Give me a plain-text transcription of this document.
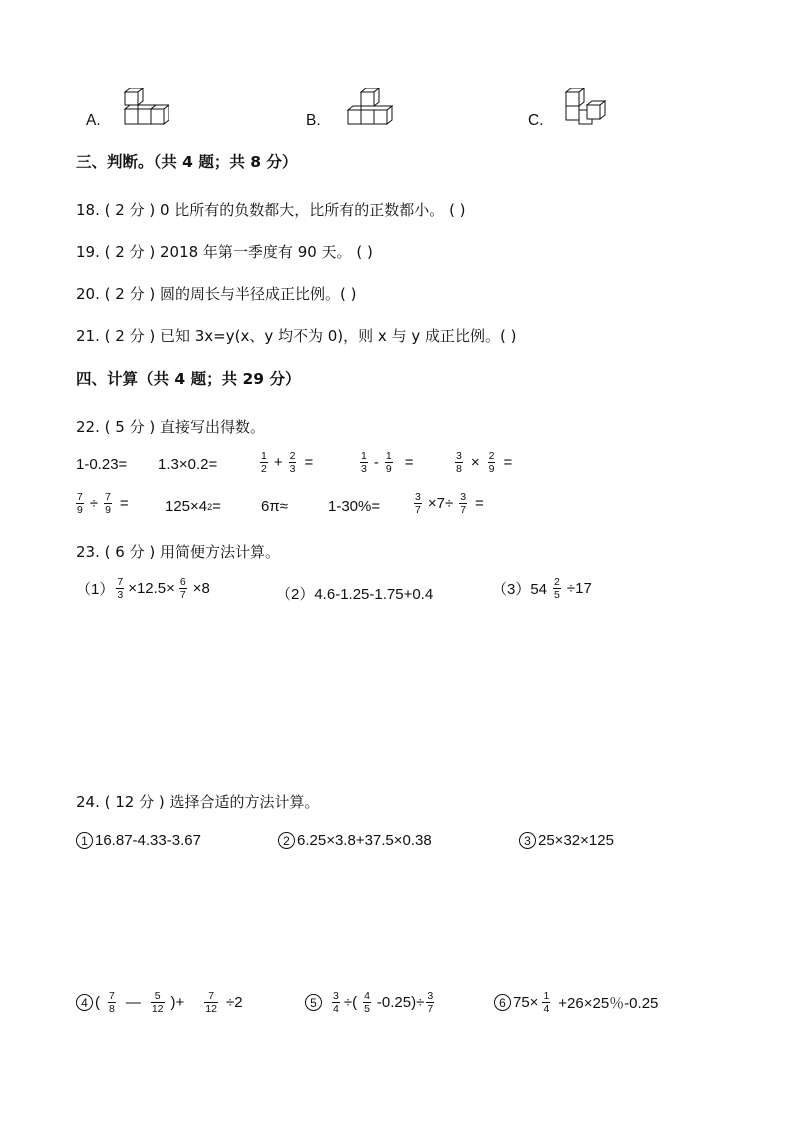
A.	B.	C.
三、判断。（共 4 题；共 8 分）
18. ( 2 分 ) 0 比所有的负数都大，比所有的正数都小。 ( )
19. ( 2 分 ) 2018 年第一季度有 90 天。 ( )
20. ( 2 分 ) 圆的周长与半径成正比例。( )
21. ( 2 分 ) 已知 3x=y(x、y 均不为 0)，则 x 与 y 成正比例。( )
四、计算（共 4 题；共 29 分）
22. ( 5 分 ) 直接写出得数。
1-0.23= 1.3×0.2=	$\frac{1}{2} + \frac{2}{3}$ =	$\frac{1}{3} - \frac{1}{9}$ =	$\frac{3}{8} \times \frac{2}{9}$ =
$\frac{7}{9} \div \frac{7}{9} = 125\times 4$ 2 =	6π≈	1-30%=	$\frac{3}{7} \times 7\div \frac{3}{7}$ =
23. ( 6 分 ) 用简便方法计算。
$(1) \frac{7}{3} \times 12.5\times \frac{6}{7} \times 8$	（2）4.6-1.25-1.75+0.4	$(3)54 \frac{2}{5} \div 17$
24. ( 12 分 ) 选择合适的方法计算。
1 16.87-4.33-3.67	2 6.25×3.8+37.5×0.38	3 25×32×125
4 ( $\frac{7}{8}$ — $\frac{5}{12}$ )+ $\frac{7}{12} \div 2$	5	$\frac{3}{4}$ ÷( $\frac{4}{5} -0.25)\div \frac{3}{7}$	6 $75\times \frac{1}{4} +26\times 25$％-0.25
